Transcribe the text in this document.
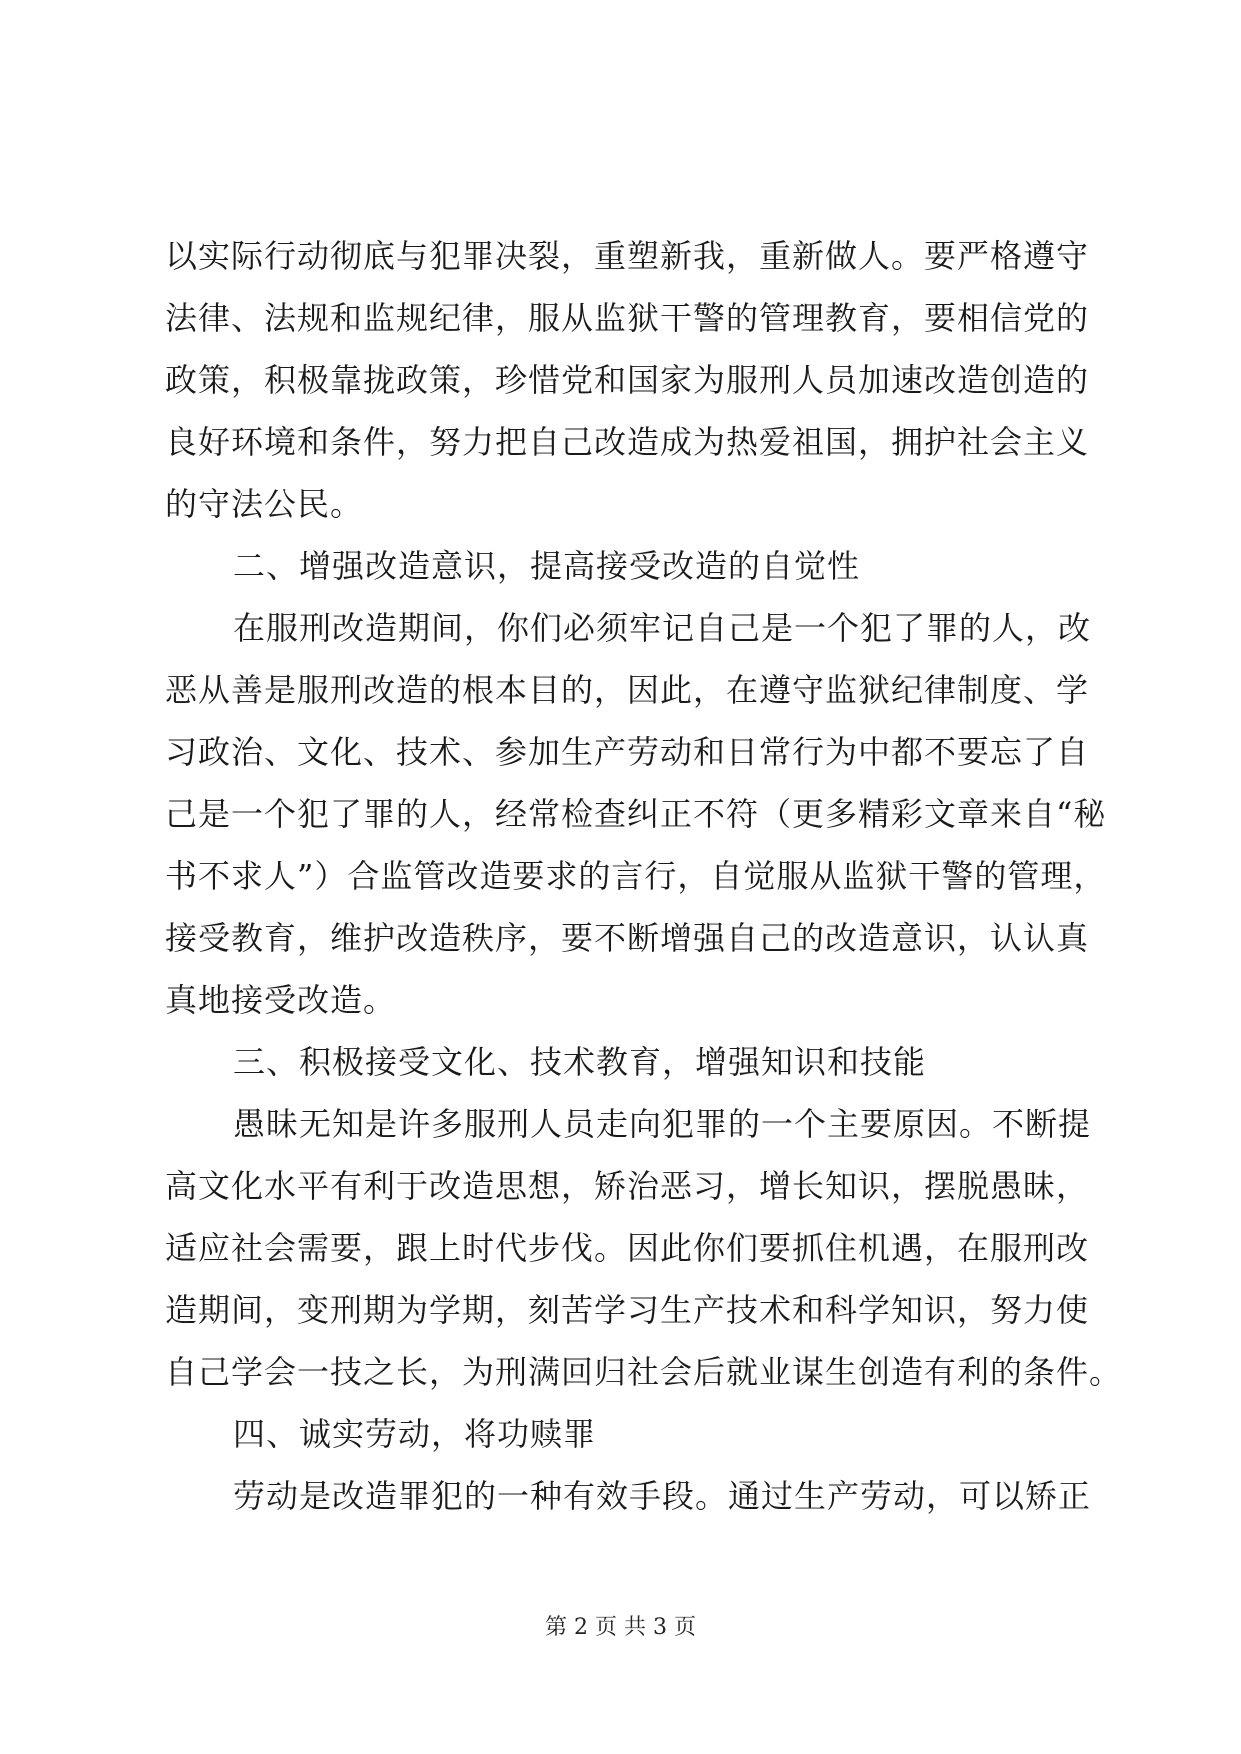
以实际行动彻底与犯罪决裂，重塑新我，重新做人。要严格遵守
法律、法规和监规纪律，服从监狱干警的管理教育，要相信党的
政策，积极靠拢政策，珍惜党和国家为服刑人员加速改造创造的
良好环境和条件，努力把自己改造成为热爱祖国，拥护社会主义
的守法公民。
二、增强改造意识，提高接受改造的自觉性
在服刑改造期间，你们必须牢记自己是一个犯了罪的人，改
恶从善是服刑改造的根本目的，因此，在遵守监狱纪律制度、学
习政治、文化、技术、参加生产劳动和日常行为中都不要忘了自
己是一个犯了罪的人，经常检查纠正不符（更多精彩文章来自“秘
书不求人”）合监管改造要求的言行，自觉服从监狱干警的管理，
接受教育，维护改造秩序，要不断增强自己的改造意识，认认真
真地接受改造。
三、积极接受文化、技术教育，增强知识和技能
愚昧无知是许多服刑人员走向犯罪的一个主要原因。不断提
高文化水平有利于改造思想，矫治恶习，增长知识，摆脱愚昧，
适应社会需要，跟上时代步伐。因此你们要抓住机遇，在服刑改
造期间，变刑期为学期，刻苦学习生产技术和科学知识，努力使
自己学会一技之长，为刑满回归社会后就业谋生创造有利的条件。
四、诚实劳动，将功赎罪
劳动是改造罪犯的一种有效手段。通过生产劳动，可以矫正
第 2 页 共 3 页
